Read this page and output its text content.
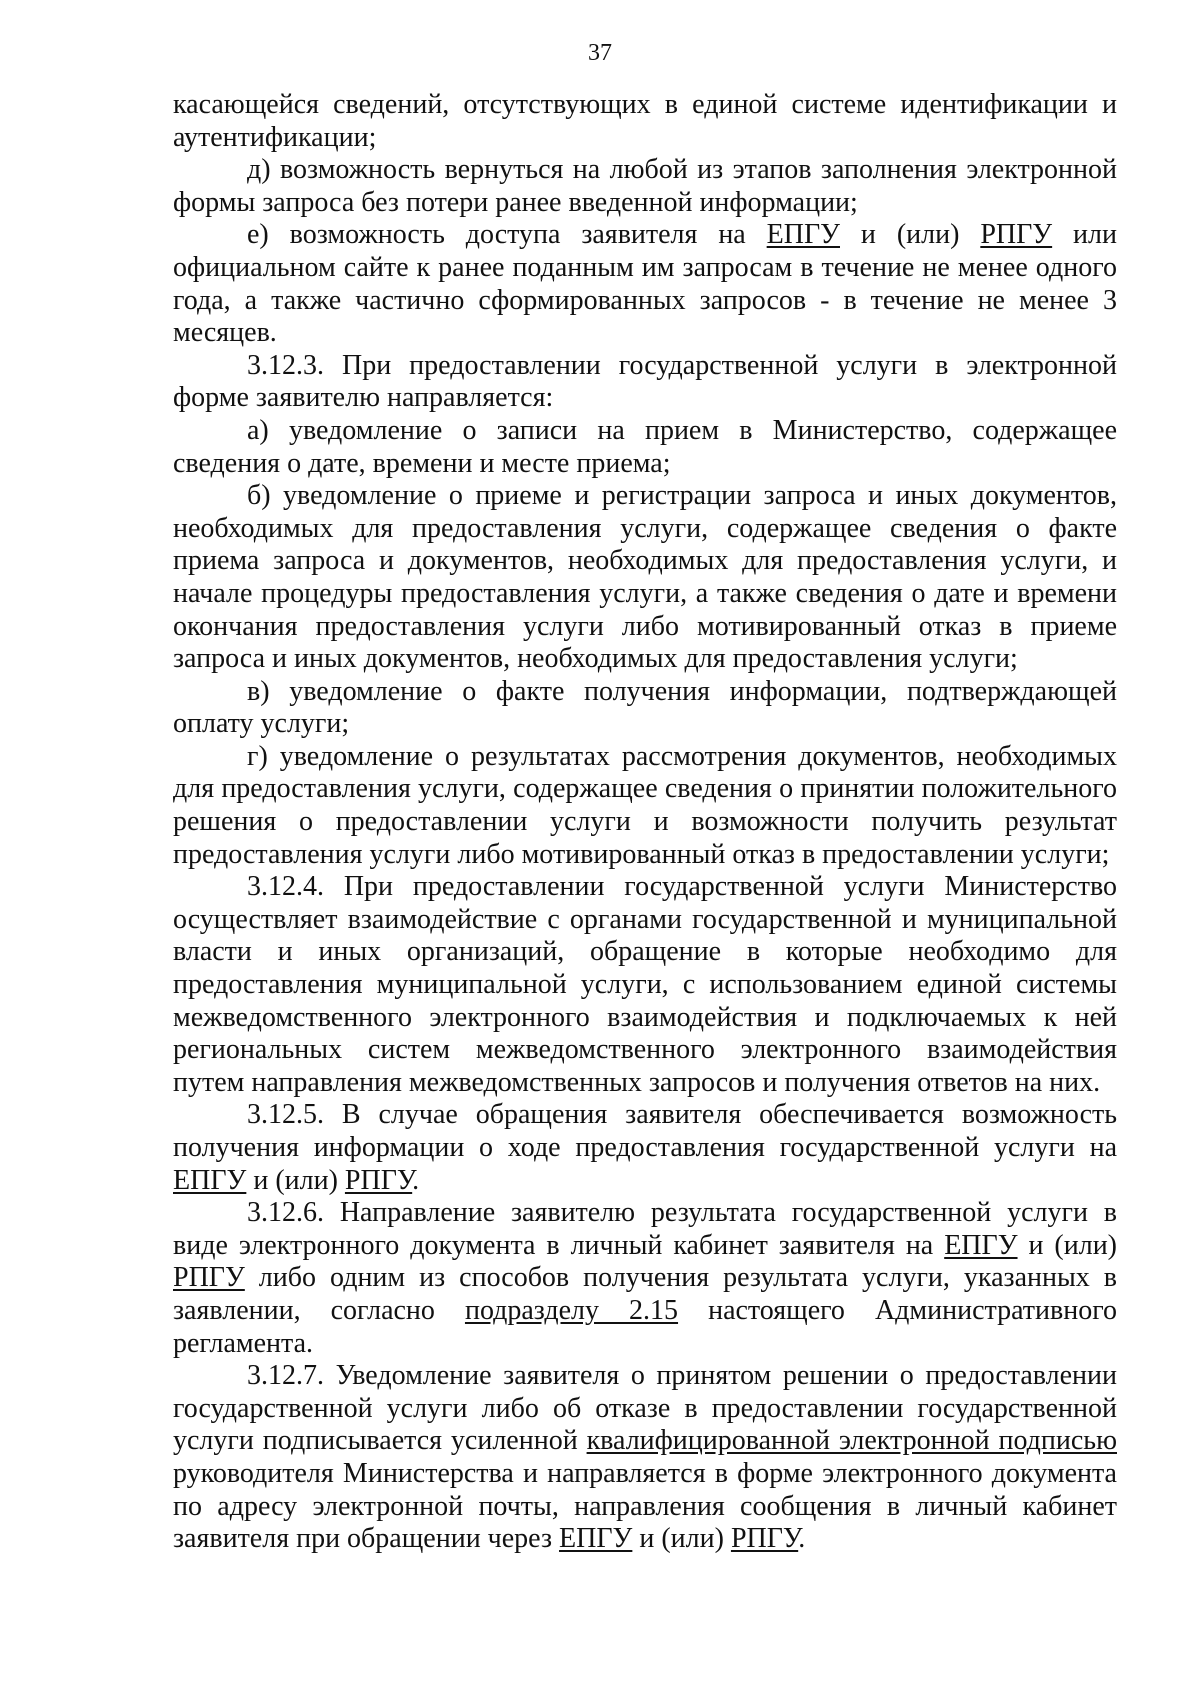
37

касающейся сведений, отсутствующих в единой системе идентификации и аутентификации;

д) возможность вернуться на любой из этапов заполнения электронной формы запроса без потери ранее введенной информации;

е) возможность доступа заявителя на ЕПГУ и (или) РПГУ или официальном сайте к ранее поданным им запросам в течение не менее одного года, а также частично сформированных запросов - в течение не менее 3 месяцев.

3.12.3. При предоставлении государственной услуги в электронной форме заявителю направляется:

а) уведомление о записи на прием в Министерство, содержащее сведения о дате, времени и месте приема;

б) уведомление о приеме и регистрации запроса и иных документов, необходимых для предоставления услуги, содержащее сведения о факте приема запроса и документов, необходимых для предоставления услуги, и начале процедуры предоставления услуги, а также сведения о дате и времени окончания предоставления услуги либо мотивированный отказ в приеме запроса и иных документов, необходимых для предоставления услуги;

в) уведомление о факте получения информации, подтверждающей оплату услуги;

г) уведомление о результатах рассмотрения документов, необходимых для предоставления услуги, содержащее сведения о принятии положительного решения о предоставлении услуги и возможности получить результат предоставления услуги либо мотивированный отказ в предоставлении услуги;

3.12.4. При предоставлении государственной услуги Министерство осуществляет взаимодействие с органами государственной и муниципальной власти и иных организаций, обращение в которые необходимо для предоставления муниципальной услуги, с использованием единой системы межведомственного электронного взаимодействия и подключаемых к ней региональных систем межведомственного электронного взаимодействия путем направления межведомственных запросов и получения ответов на них.

3.12.5. В случае обращения заявителя обеспечивается возможность получения информации о ходе предоставления государственной услуги на ЕПГУ и (или) РПГУ.

3.12.6. Направление заявителю результата государственной услуги в виде электронного документа в личный кабинет заявителя на ЕПГУ и (или) РПГУ либо одним из способов получения результата услуги, указанных в заявлении, согласно подразделу 2.15 настоящего Административного регламента.

3.12.7. Уведомление заявителя о принятом решении о предоставлении государственной услуги либо об отказе в предоставлении государственной услуги подписывается усиленной квалифицированной электронной подписью руководителя Министерства и направляется в форме электронного документа по адресу электронной почты, направления сообщения в личный кабинет заявителя при обращении через ЕПГУ и (или) РПГУ.
